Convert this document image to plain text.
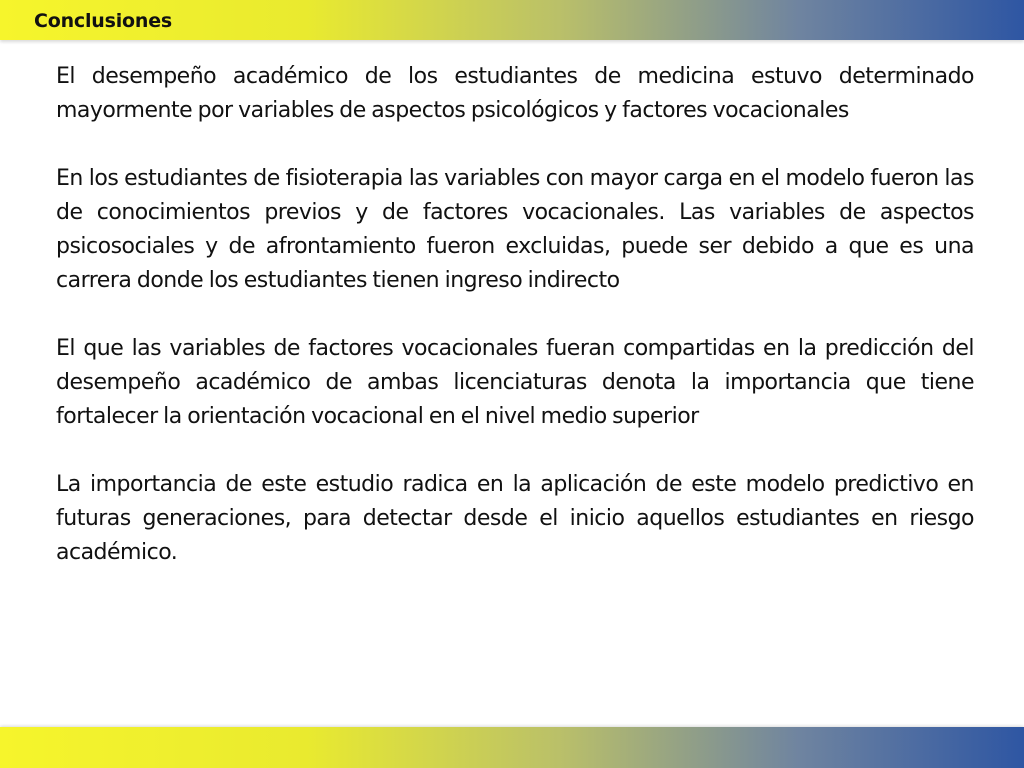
Conclusiones

El desempeño académico de los estudiantes de medicina estuvo determinado mayormente por variables de aspectos psicológicos y factores vocacionales

En los estudiantes de fisioterapia las variables con mayor carga en el modelo fueron las de conocimientos previos y de factores vocacionales. Las variables de aspectos psicosociales y de afrontamiento fueron excluidas, puede ser debido a que es una carrera donde los estudiantes tienen ingreso indirecto

El que las variables de factores vocacionales fueran compartidas en la predicción del desempeño académico de ambas licenciaturas denota la importancia que tiene fortalecer la orientación vocacional en el nivel medio superior

La importancia de este estudio radica en la aplicación de este modelo predictivo en futuras generaciones, para detectar desde el inicio aquellos estudiantes en riesgo académico.
